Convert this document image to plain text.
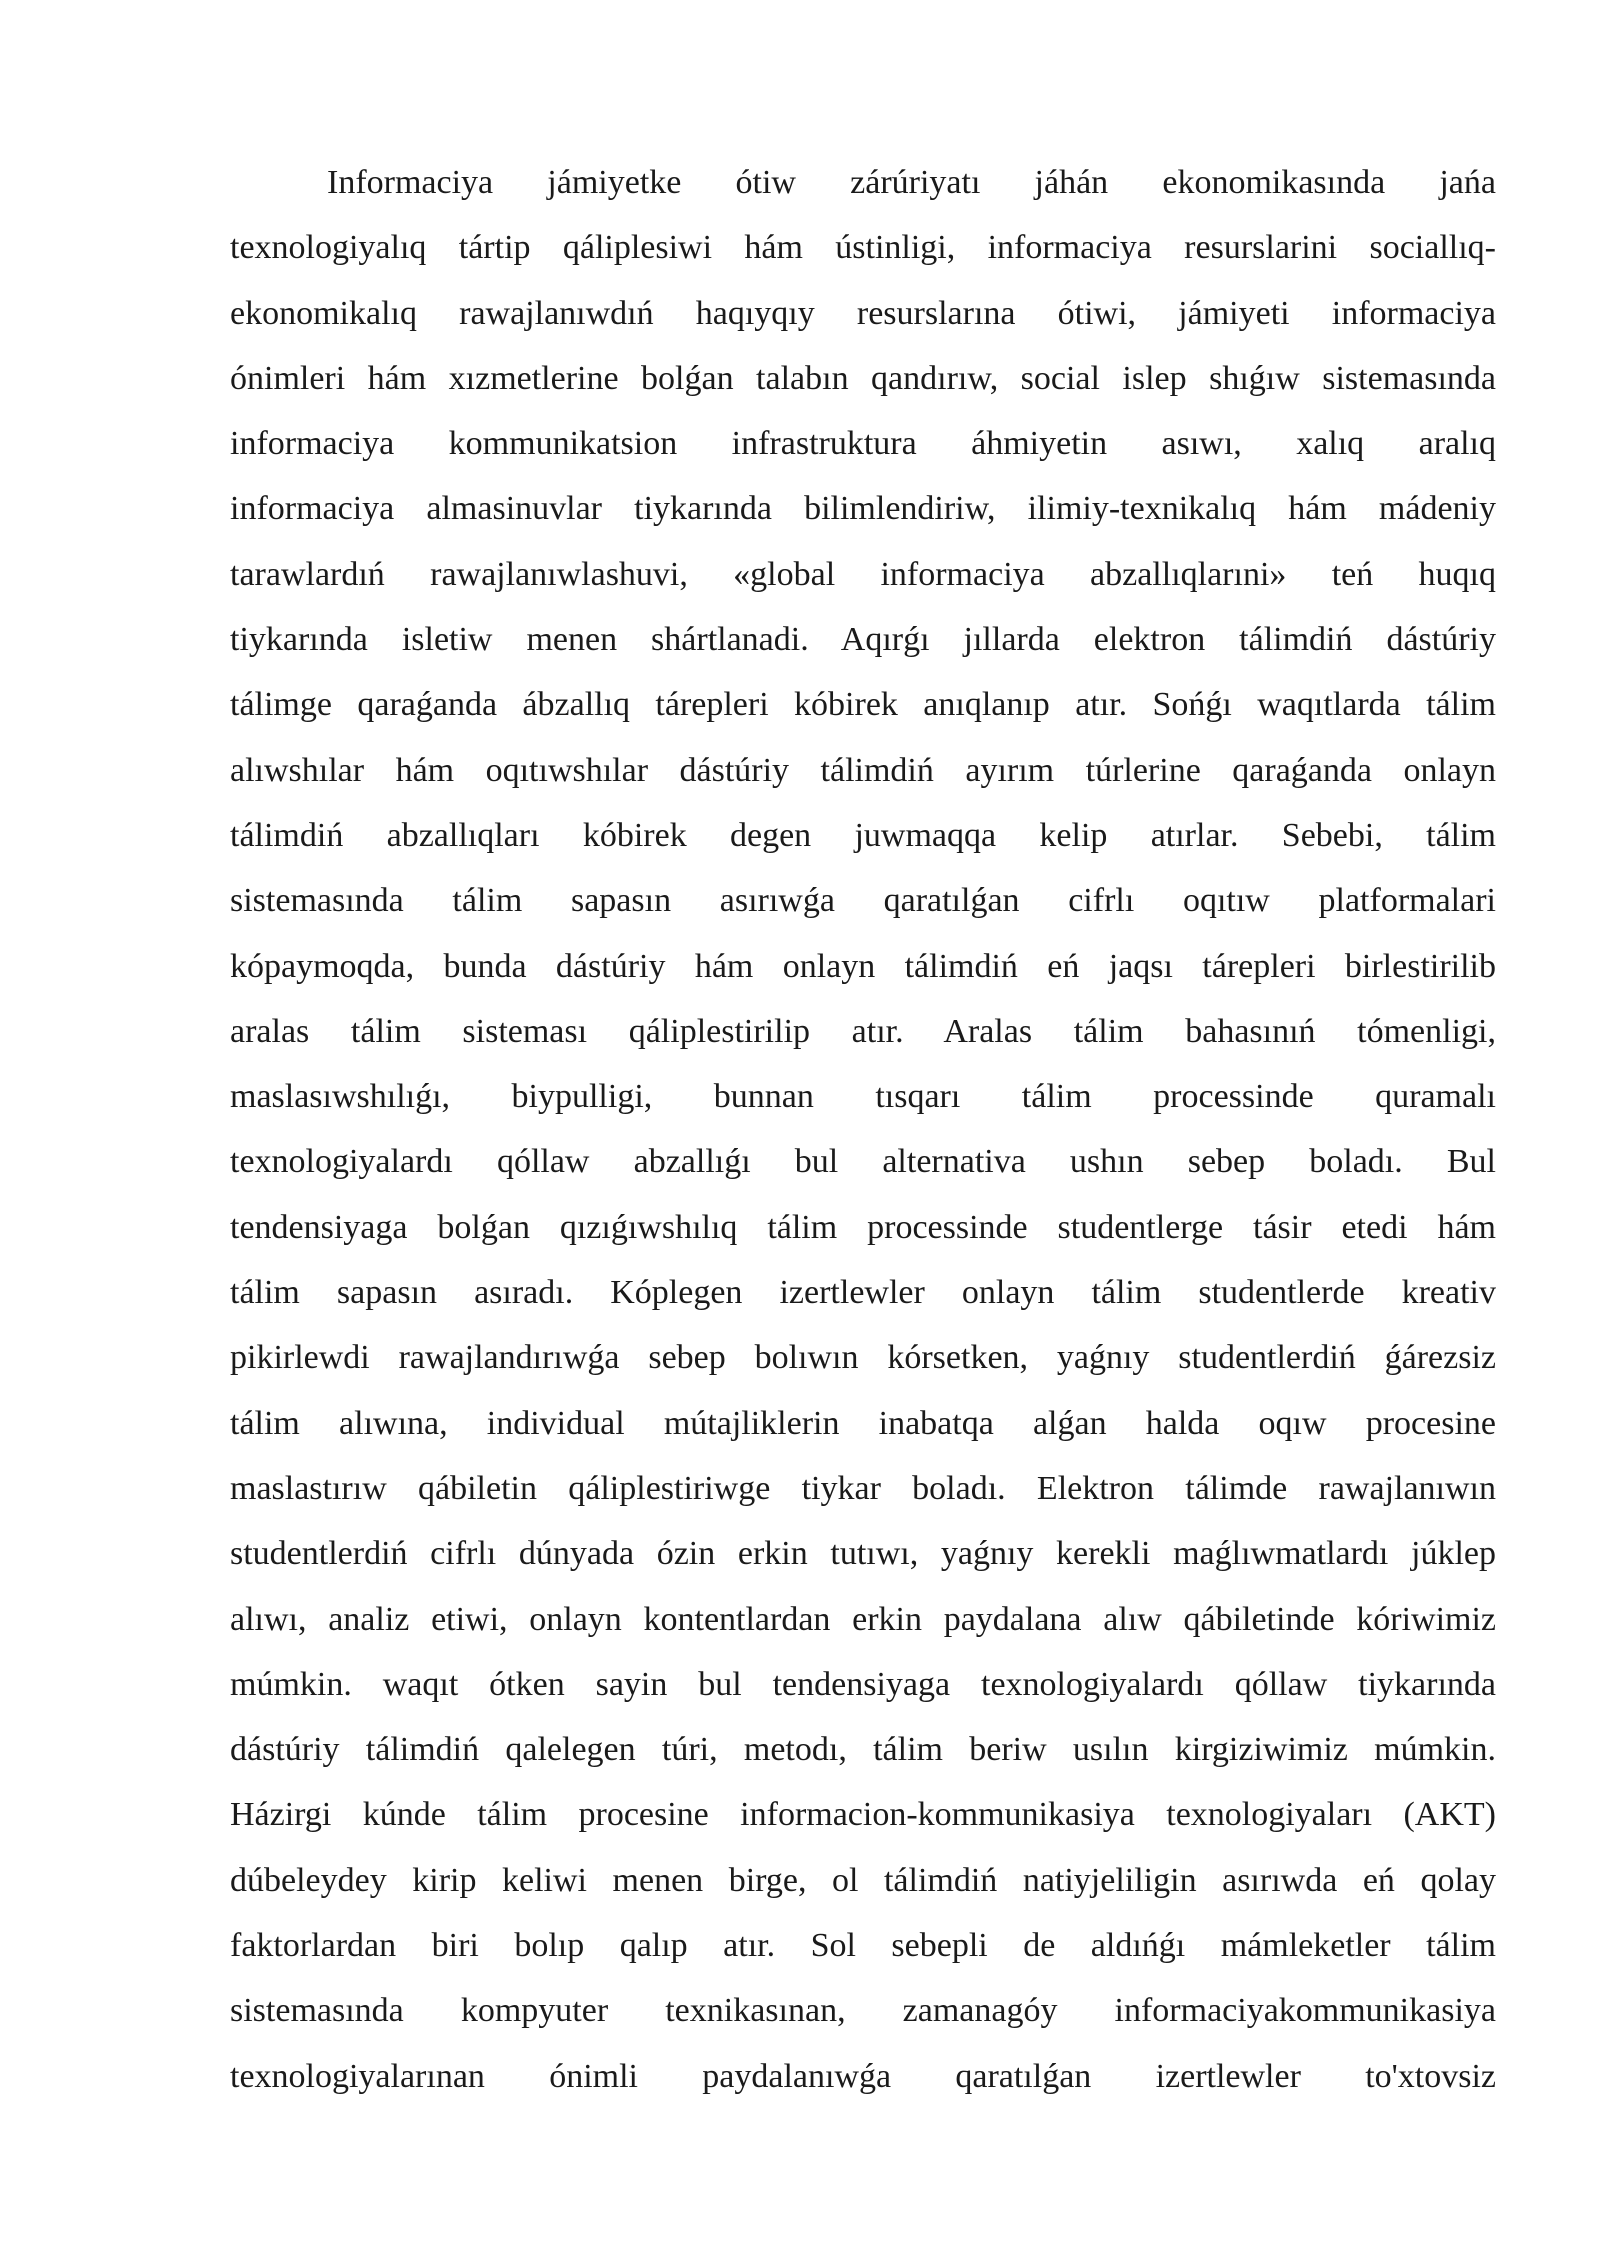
Informaciya jámiyetke ótiw zárúriyatı jáhán ekonomikasında jańa
texnologiyalıq tártip qáliplesiwi hám ústinligi, informaciya resurslarini sociallıq-
ekonomikalıq rawajlanıwdıń haqıyqıy resurslarına ótiwi, jámiyeti informaciya
ónimleri hám xızmetlerine bolǵan talabın qandırıw, social islep shıǵıw sistemasında
informaciya kommunikatsion infrastruktura áhmiyetin asıwı, xalıq aralıq
informaciya almasinuvlar tiykarında bilimlendiriw, ilimiy-texnikalıq hám mádeniy
tarawlardıń rawajlanıwlashuvi, «global informaciya abzallıqlarıni» teń huqıq
tiykarında isletiw menen shártlanadi. Aqırǵı jıllarda elektron tálimdiń dástúriy
tálimge qaraǵanda ábzallıq tárepleri kóbirek anıqlanıp atır. Sońǵı waqıtlarda tálim
alıwshılar hám oqıtıwshılar dástúriy tálimdiń ayırım túrlerine qaraǵanda onlayn
tálimdiń abzallıqları kóbirek degen juwmaqqa kelip atırlar. Sebebi, tálim
sistemasında tálim sapasın asırıwǵa qaratılǵan cifrlı oqıtıw platformalari
kópaymoqda, bunda dástúriy hám onlayn tálimdiń eń jaqsı tárepleri birlestirilib
aralas tálim sisteması qáliplestirilip atır. Aralas tálim bahasınıń tómenligi,
maslasıwshılıǵı, biypulligi, bunnan tısqarı tálim processinde quramalı
texnologiyalardı qóllaw abzallıǵı bul alternativa ushın sebep boladı. Bul
tendensiyaga bolǵan qızıǵıwshılıq tálim processinde studentlerge tásir etedi hám
tálim sapasın asıradı. Kóplegen izertlewler onlayn tálim studentlerde kreativ
pikirlewdi rawajlandırıwǵa sebep bolıwın kórsetken, yaǵnıy studentlerdiń ǵárezsiz
tálim alıwına, individual mútajliklerin inabatqa alǵan halda oqıw procesine
maslastırıw qábiletin qáliplestiriwge tiykar boladı. Elektron tálimde rawajlanıwın
studentlerdiń cifrlı dúnyada ózin erkin tutıwı, yaǵnıy kerekli maǵlıwmatlardı júklep
alıwı, analiz etiwi, onlayn kontentlardan erkin paydalana alıw qábiletinde kóriwimiz
múmkin. waqıt ótken sayin bul tendensiyaga texnologiyalardı qóllaw tiykarında
dástúriy tálimdiń qalelegen túri, metodı, tálim beriw usılın kirgiziwimiz múmkin.
Házirgi kúnde tálim procesine informacion-kommunikasiya texnologiyaları (AKT)
dúbeleydey kirip keliwi menen birge, ol tálimdiń natiyjeliligin asırıwda eń qolay
faktorlardan biri bolıp qalıp atır. Sol sebepli de aldıńǵı mámleketler tálim
sistemasında kompyuter texnikasınan, zamanagóy informaciyakommunikasiya
texnologiyalarınan ónimli paydalanıwǵa qaratılǵan izertlewler to'xtovsiz
